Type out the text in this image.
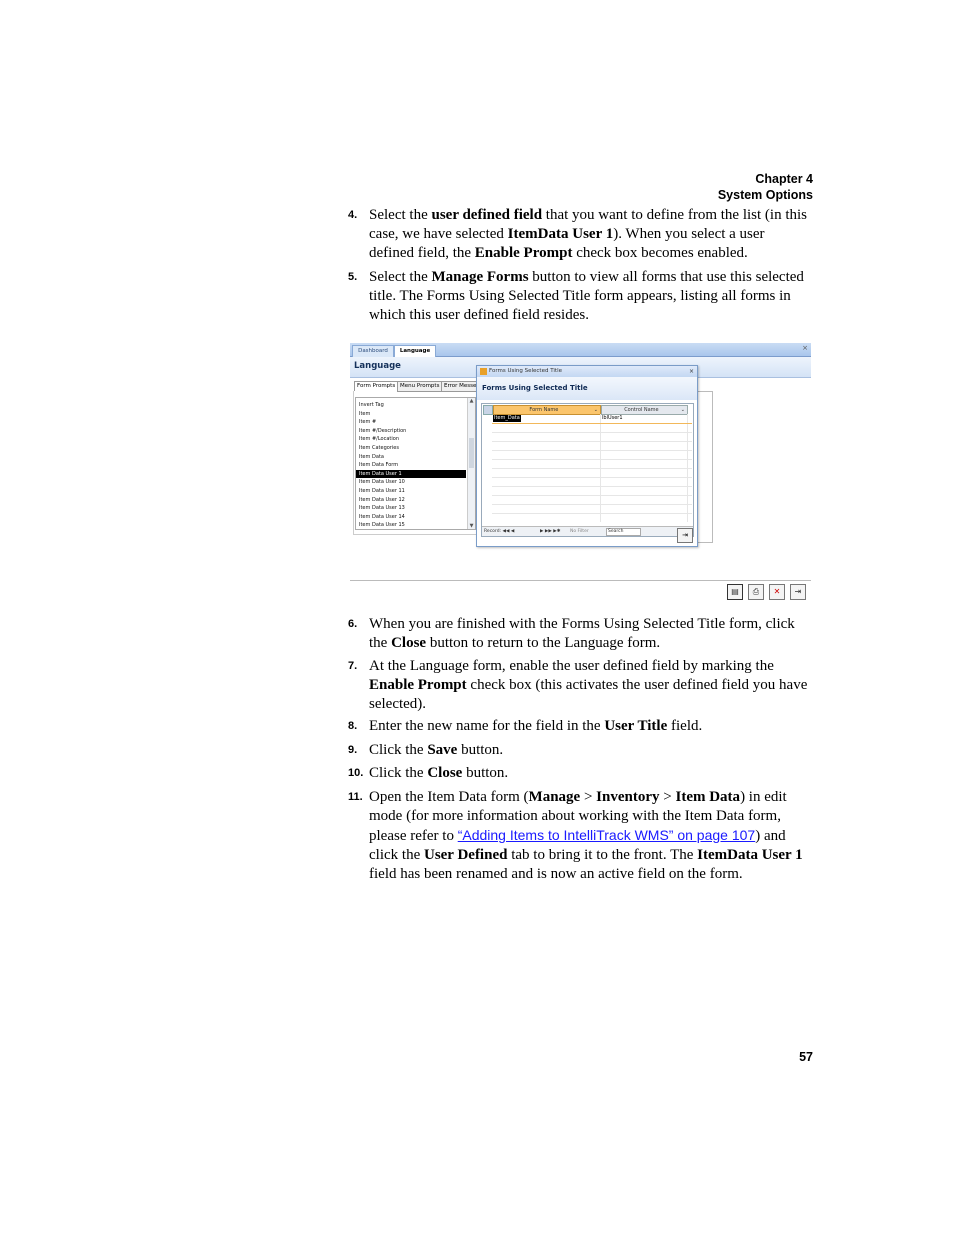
Chapter 4
System Options
4. Select the user defined field that you want to define from the list (in this case, we have selected ItemData User 1). When you select a user defined field, the Enable Prompt check box becomes enabled.
5. Select the Manage Forms button to view all forms that use this selected title. The Forms Using Selected Title form appears, listing all forms in which this user defined field resides.
Dashboard	Language	×
Language
Form Prompts Menu Prompts Error Messe
Invert Tag
Item
Item #
Item #/Description
Item #/Location
Item Categories
Item Data
Item Data Form
Item Data User 1
Item Data User 10
Item Data User 11
Item Data User 12
Item Data User 13
Item Data User 14
Item Data User 15
▲
▼
Forms Using Selected Title	×
Forms Using Selected Title
Form Name	⌄	Control Name	⌄
Item_Data	lblUser1
Record: ◀◀ ◀	▶ ▶▶ ▶✱ No Filter	Search	⇥
▤	⎙	✕	⇥
6. When you are finished with the Forms Using Selected Title form, click the Close button to return to the Language form.
7. At the Language form, enable the user defined field by marking the Enable Prompt check box (this activates the user defined field you have selected).
8. Enter the new name for the field in the User Title field.
9. Click the Save button.
10. Click the Close button.
11. Open the Item Data form (Manage > Inventory > Item Data) in edit mode (for more information about working with the Item Data form, please refer to “Adding Items to IntelliTrack WMS” on page 107) and click the User Defined tab to bring it to the front. The ItemData User 1 field has been renamed and is now an active field on the form.
57
